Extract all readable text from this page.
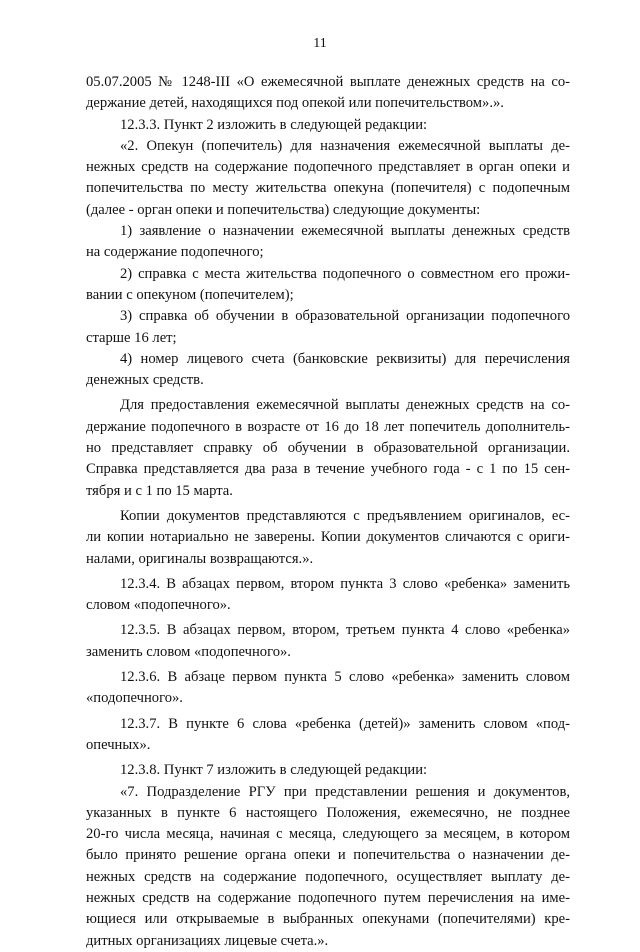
11
05.07.2005 № 1248-III «О ежемесячной выплате денежных средств на со-
держание детей, находящихся под опекой или попечительством».».
12.3.3. Пункт 2 изложить в следующей редакции:
«2. Опекун (попечитель) для назначения ежемесячной выплаты де-
нежных средств на содержание подопечного представляет в орган опеки и
попечительства по месту жительства опекуна (попечителя) с подопечным
(далее - орган опеки и попечительства) следующие документы:
1) заявление о назначении ежемесячной выплаты денежных средств
на содержание подопечного;
2) справка с места жительства подопечного о совместном его прожи-
вании с опекуном (попечителем);
3) справка об обучении в образовательной организации подопечного
старше 16 лет;
4) номер лицевого счета (банковские реквизиты) для перечисления
денежных средств.
Для предоставления ежемесячной выплаты денежных средств на со-
держание подопечного в возрасте от 16 до 18 лет попечитель дополнитель-
но представляет справку об обучении в образовательной организации.
Справка представляется два раза в течение учебного года - с 1 по 15 сен-
тября и с 1 по 15 марта.
Копии документов представляются с предъявлением оригиналов, ес-
ли копии нотариально не заверены. Копии документов сличаются с ориги-
налами, оригиналы возвращаются.».
12.3.4. В абзацах первом, втором пункта 3 слово «ребенка» заменить
словом «подопечного».
12.3.5. В абзацах первом, втором, третьем пункта 4 слово «ребенка»
заменить словом «подопечного».
12.3.6. В абзаце первом пункта 5 слово «ребенка» заменить словом
«подопечного».
12.3.7. В пункте 6 слова «ребенка (детей)» заменить словом «под-
опечных».
12.3.8. Пункт 7 изложить в следующей редакции:
«7. Подразделение РГУ при представлении решения и документов,
указанных в пункте 6 настоящего Положения, ежемесячно, не позднее
20-го числа месяца, начиная с месяца, следующего за месяцем, в котором
было принято решение органа опеки и попечительства о назначении де-
нежных средств на содержание подопечного, осуществляет выплату де-
нежных средств на содержание подопечного путем перечисления на име-
ющиеся или открываемые в выбранных опекунами (попечителями) кре-
дитных организациях лицевые счета.».
